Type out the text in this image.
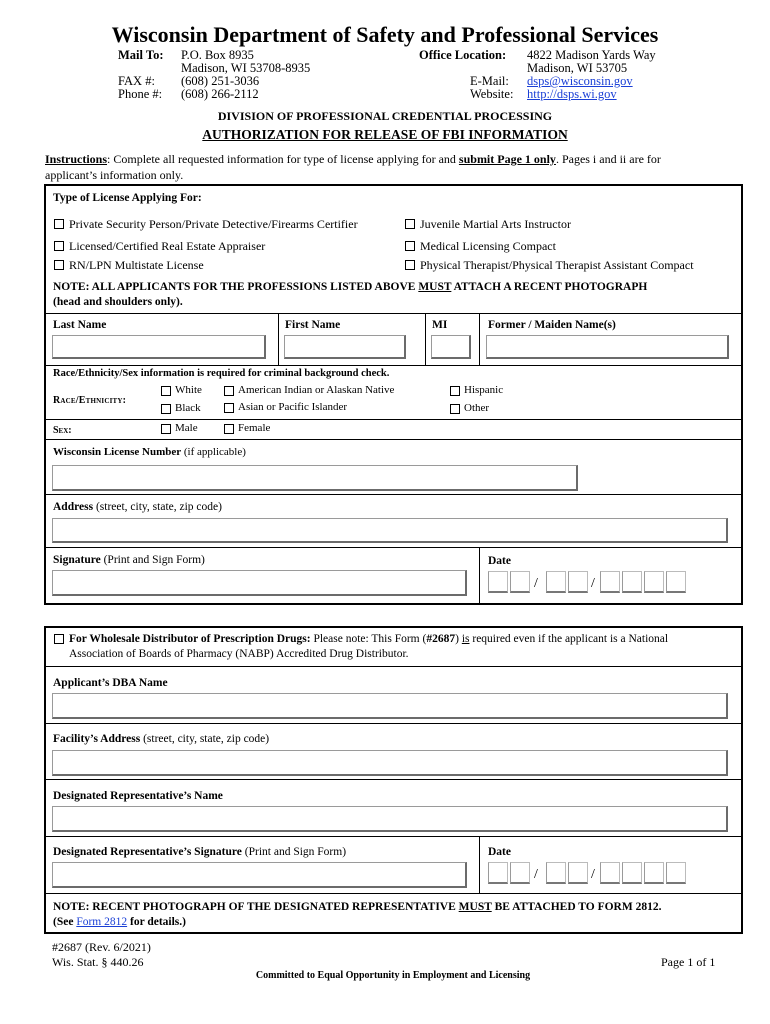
Wisconsin Department of Safety and Professional Services
Mail To: P.O. Box 8935
Madison, WI 53708-8935
FAX #: (608) 251-3036
Phone #: (608) 266-2112
Office Location: 4822 Madison Yards Way
Madison, WI 53705
E-Mail: dsps@wisconsin.gov
Website: http://dsps.wi.gov
DIVISION OF PROFESSIONAL CREDENTIAL PROCESSING
AUTHORIZATION FOR RELEASE OF FBI INFORMATION
Instructions: Complete all requested information for type of license applying for and submit Page 1 only. Pages i and ii are for
applicant’s information only.
Type of License Applying For:
Private Security Person/Private Detective/Firearms Certifier	Juvenile Martial Arts Instructor
Licensed/Certified Real Estate Appraiser	Medical Licensing Compact
RN/LPN Multistate License	Physical Therapist/Physical Therapist Assistant Compact
NOTE: ALL APPLICANTS FOR THE PROFESSIONS LISTED ABOVE MUST ATTACH A RECENT PHOTOGRAPH
(head and shoulders only).
Last Name	First Name	MI	Former / Maiden Name(s)
Race/Ethnicity/Sex information is required for criminal background check.
Race/Ethnicity:
White	American Indian or Alaskan Native	Hispanic
Black	Asian or Pacific Islander	Other
Sex:	Male	Female
Wisconsin License Number (if applicable)
Address (street, city, state, zip code)
Signature (Print and Sign Form)	Date
/	/
For Wholesale Distributor of Prescription Drugs: Please note: This Form (#2687) is required even if the applicant is a National
Association of Boards of Pharmacy (NABP) Accredited Drug Distributor.
Applicant’s DBA Name
Facility’s Address (street, city, state, zip code)
Designated Representative’s Name
Designated Representative’s Signature (Print and Sign Form)	Date
/	/
NOTE: RECENT PHOTOGRAPH OF THE DESIGNATED REPRESENTATIVE MUST BE ATTACHED TO FORM 2812.
(See Form 2812 for details.)
#2687 (Rev. 6/2021)
Wis. Stat. § 440.26	Page 1 of 1
Committed to Equal Opportunity in Employment and Licensing
